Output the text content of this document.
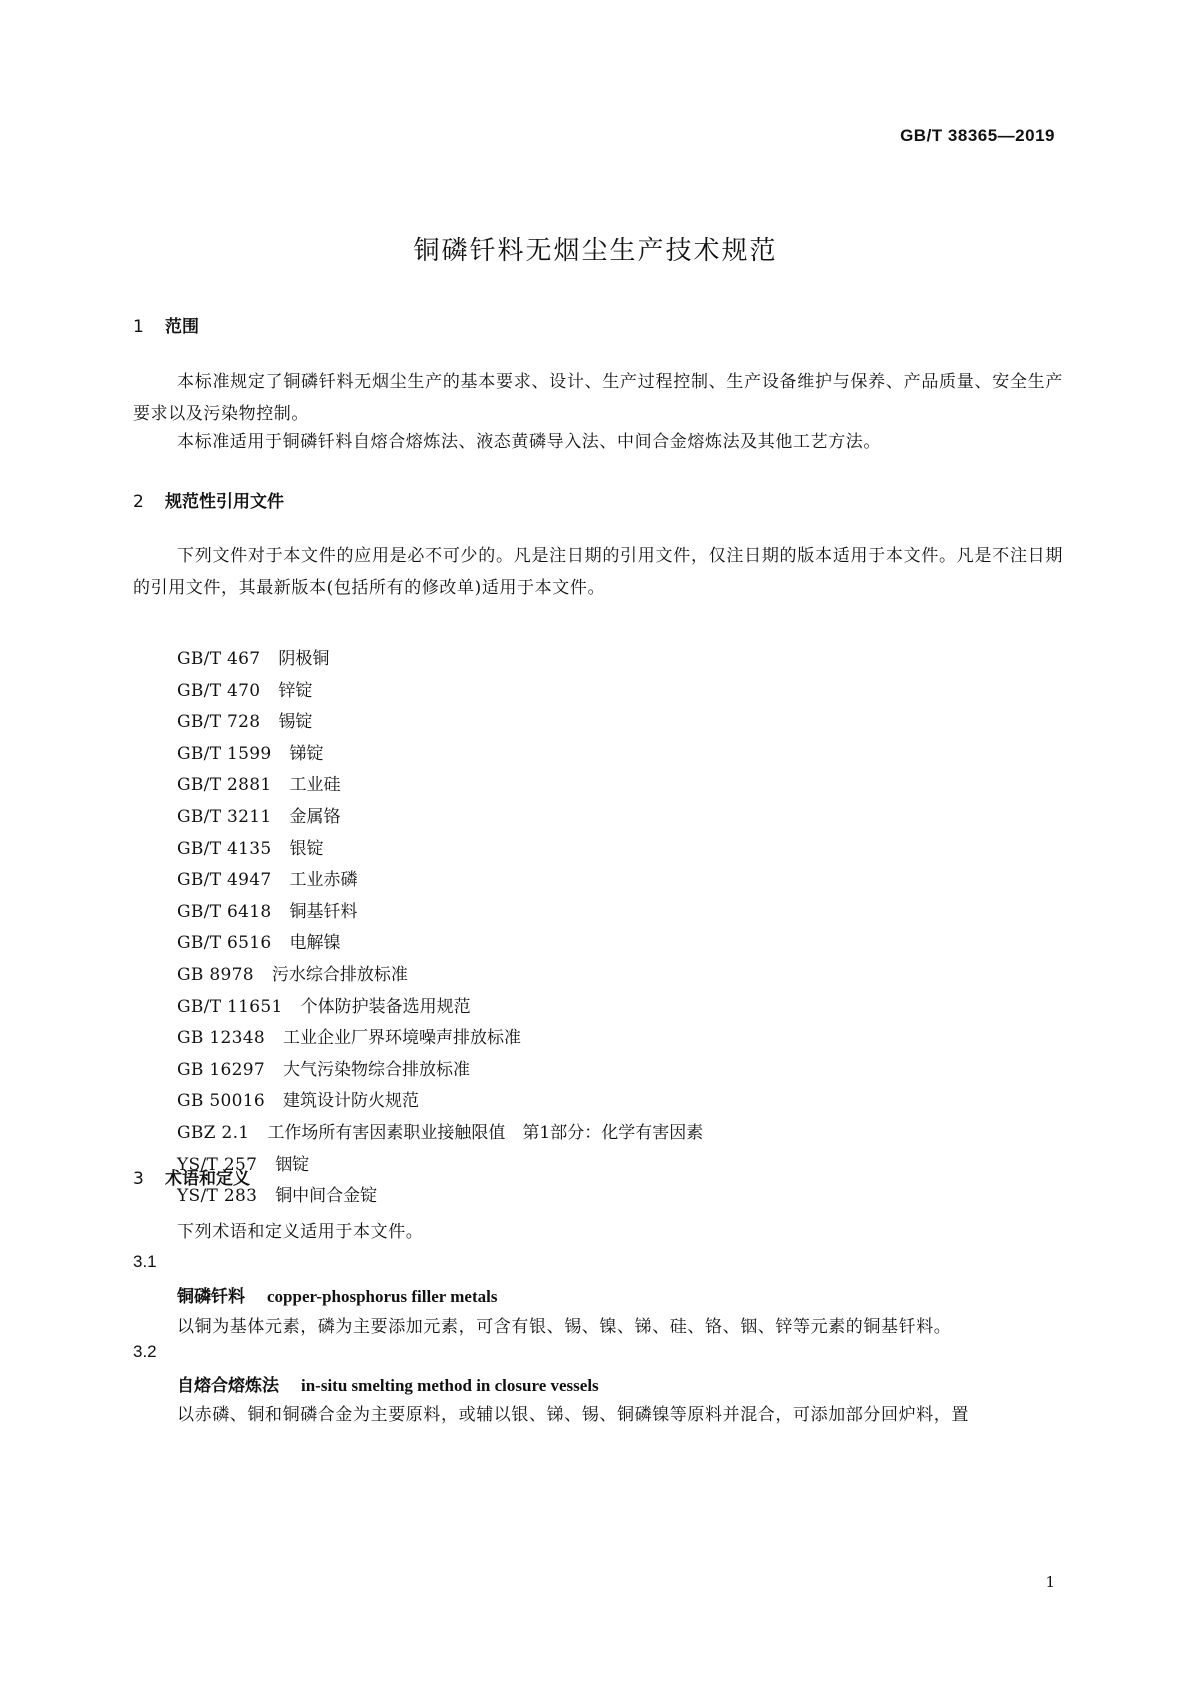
GB/T 38365—2019
铜磷钎料无烟尘生产技术规范
1 范围
本标准规定了铜磷钎料无烟尘生产的基本要求、设计、生产过程控制、生产设备维护与保养、产品质量、安全生产要求以及污染物控制。
本标准适用于铜磷钎料自熔合熔炼法、液态黄磷导入法、中间合金熔炼法及其他工艺方法。
2 规范性引用文件
下列文件对于本文件的应用是必不可少的。凡是注日期的引用文件，仅注日期的版本适用于本文件。凡是不注日期的引用文件，其最新版本(包括所有的修改单)适用于本文件。
GB/T 467 阴极铜
GB/T 470 锌锭
GB/T 728 锡锭
GB/T 1599 锑锭
GB/T 2881 工业硅
GB/T 3211 金属铬
GB/T 4135 银锭
GB/T 4947 工业赤磷
GB/T 6418 铜基钎料
GB/T 6516 电解镍
GB 8978 污水综合排放标准
GB/T 11651 个体防护装备选用规范
GB 12348 工业企业厂界环境噪声排放标准
GB 16297 大气污染物综合排放标准
GB 50016 建筑设计防火规范
GBZ 2.1 工作场所有害因素职业接触限值　第1部分：化学有害因素
YS/T 257 铟锭
YS/T 283 铜中间合金锭
3 术语和定义
下列术语和定义适用于本文件。
3.1
铜磷钎料 copper-phosphorus filler metals
以铜为基体元素，磷为主要添加元素，可含有银、锡、镍、锑、硅、铬、铟、锌等元素的铜基钎料。
3.2
自熔合熔炼法 in-situ smelting method in closure vessels
以赤磷、铜和铜磷合金为主要原料，或辅以银、锑、锡、铜磷镍等原料并混合，可添加部分回炉料，置
1
